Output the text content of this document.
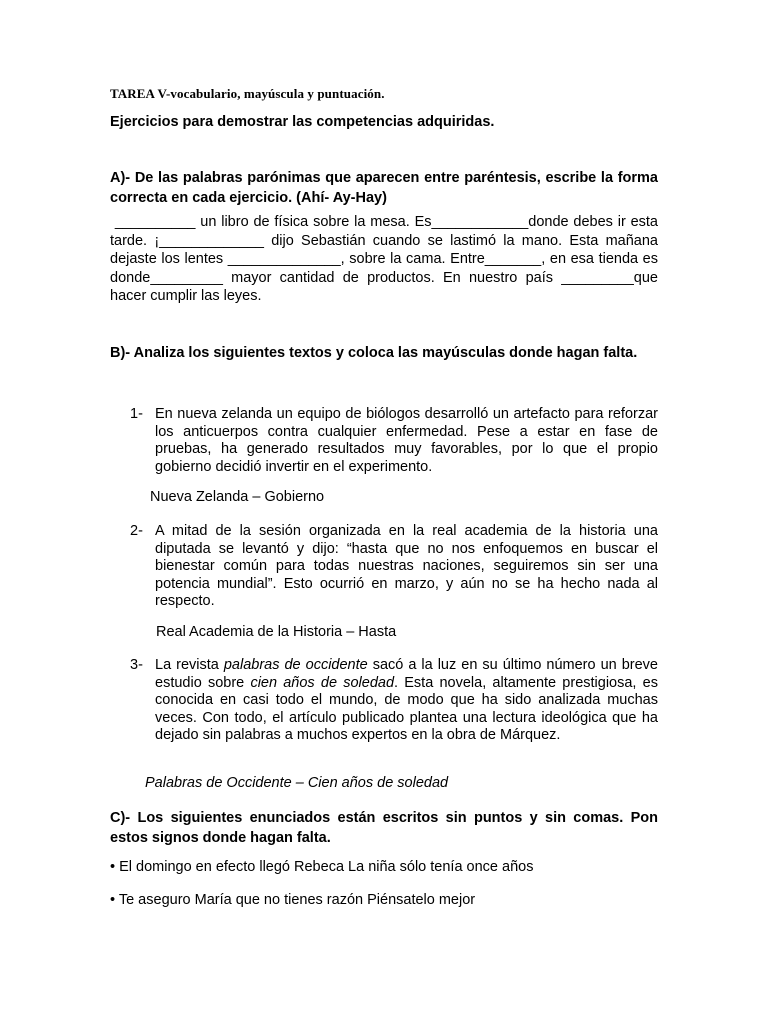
TAREA V-vocabulario, mayúscula y puntuación.
Ejercicios para demostrar las competencias adquiridas.
A)- De las palabras parónimas que aparecen entre paréntesis, escribe la forma correcta en cada ejercicio. (Ahí- Ay-Hay)
__________ un libro de física sobre la mesa. Es____________donde debes ir esta tarde. ¡_____________ dijo Sebastián cuando se lastimó la mano. Esta mañana dejaste los lentes ______________, sobre la cama. Entre_______, en esa tienda es donde_________ mayor cantidad de productos. En nuestro país _________que hacer cumplir las leyes.
B)- Analiza los siguientes textos y coloca las mayúsculas donde hagan falta.
1- En nueva zelanda un equipo de biólogos desarrolló un artefacto para reforzar los anticuerpos contra cualquier enfermedad. Pese a estar en fase de pruebas, ha generado resultados muy favorables, por lo que el propio gobierno decidió invertir en el experimento.
Nueva Zelanda – Gobierno
2- A mitad de la sesión organizada en la real academia de la historia una diputada se levantó y dijo: “hasta que no nos enfoquemos en buscar el bienestar común para todas nuestras naciones, seguiremos sin ser una potencia mundial”. Esto ocurrió en marzo, y aún no se ha hecho nada al respecto.
Real Academia de la Historia – Hasta
3- La revista palabras de occidente sacó a la luz en su último número un breve estudio sobre cien años de soledad. Esta novela, altamente prestigiosa, es conocida en casi todo el mundo, de modo que ha sido analizada muchas veces. Con todo, el artículo publicado plantea una lectura ideológica que ha dejado sin palabras a muchos expertos en la obra de Márquez.
Palabras de Occidente – Cien años de soledad
C)- Los siguientes enunciados están escritos sin puntos y sin comas. Pon estos signos donde hagan falta.
• El domingo en efecto llegó Rebeca La niña sólo tenía once años
• Te aseguro María que no tienes razón Piénsatelo mejor
